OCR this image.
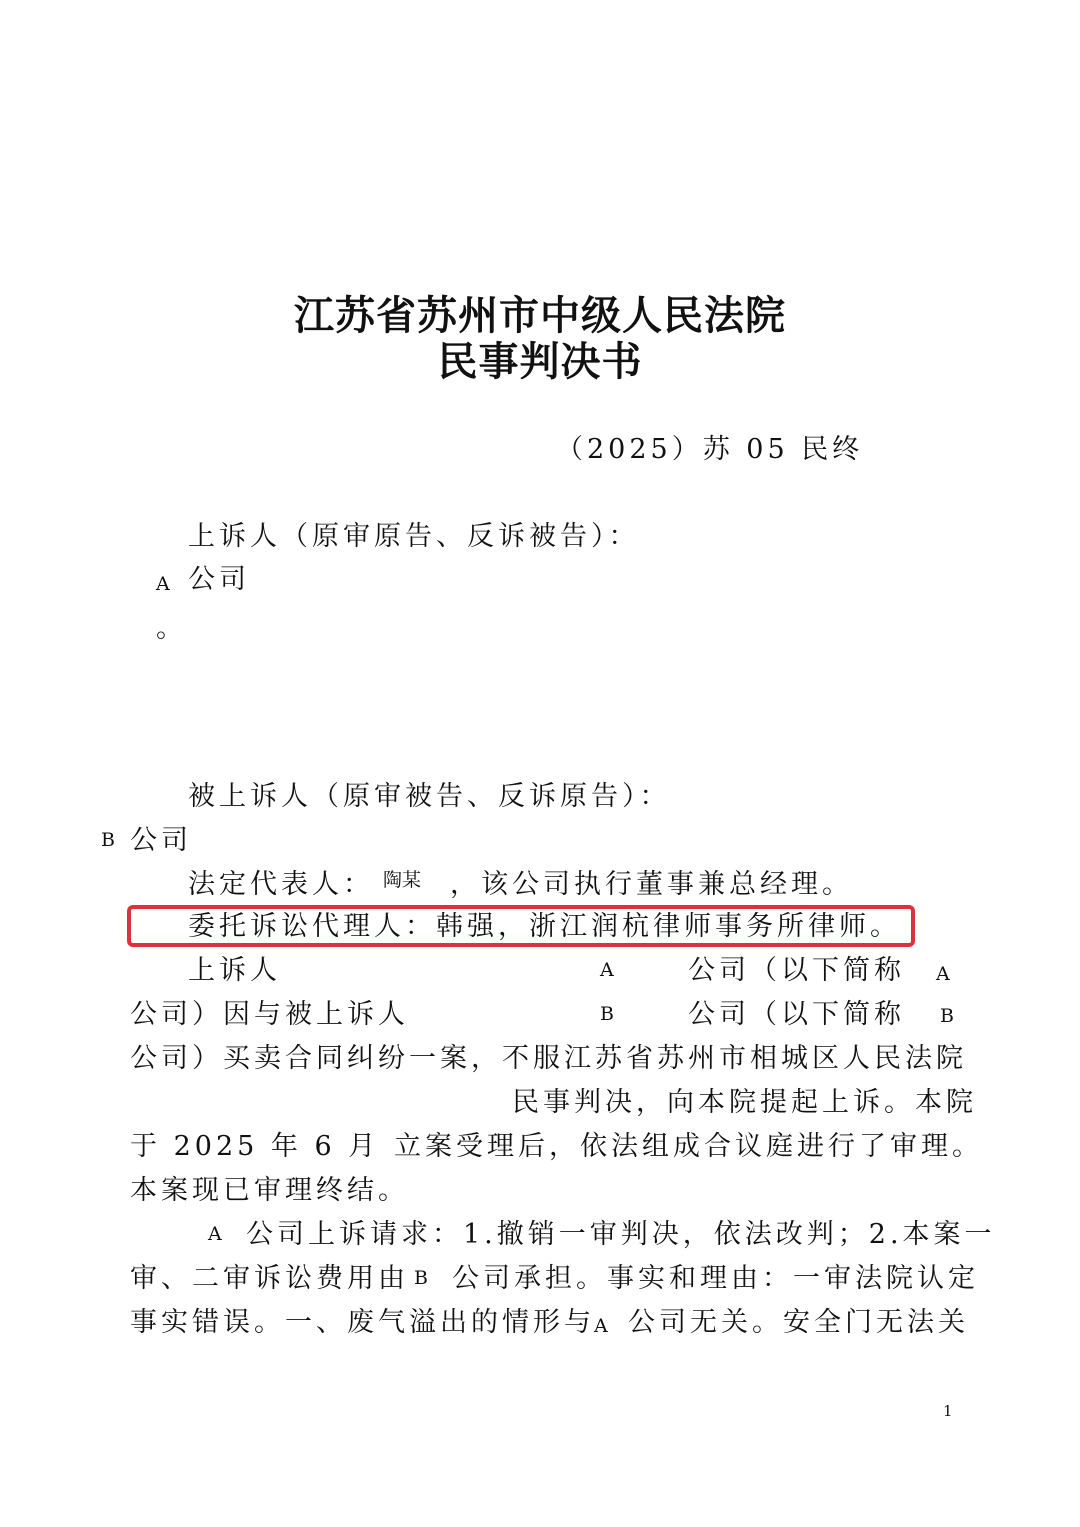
江苏省苏州市中级人民法院
民事判决书
（2025）苏 05 民终
上诉人（原审原告、反诉被告）：
A 公司
。
被上诉人（原审被告、反诉原告）：
B 公司
法定代表人： 陶某 ，该公司执行董事兼总经理。
委托诉讼代理人：韩强，浙江润杭律师事务所律师。
上诉人	A	公司（以下简称 A
公司）因与被上诉人	B	公司（以下简称 B
公司）买卖合同纠纷一案，不服江苏省苏州市相城区人民法院
民事判决，向本院提起上诉。本院
于 2025 年 6 月 立案受理后，依法组成合议庭进行了审理。
本案现已审理终结。
A 公司上诉请求：1.撤销一审判决，依法改判；2.本案一
审、二审诉讼费用由 B 公司承担。事实和理由：一审法院认定
事实错误。一、废气溢出的情形与 A 公司无关。安全门无法关
1
